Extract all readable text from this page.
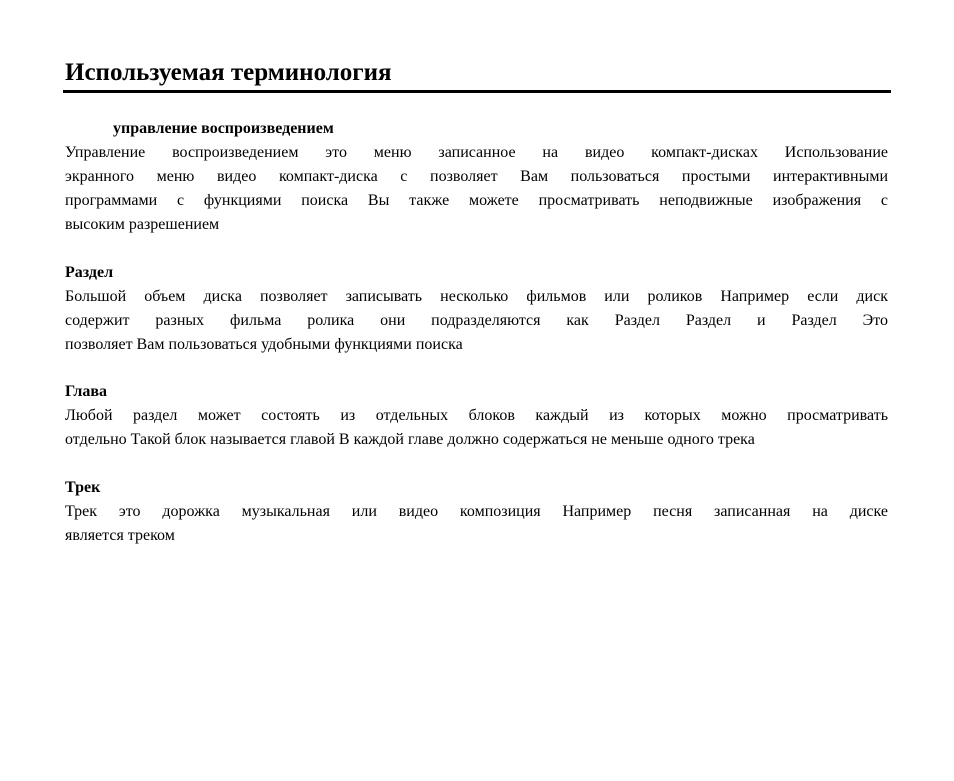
Используемая терминология
управление воспроизведением
Управление воспроизведением это меню записанное на видео компакт-дисках Использование
экранного меню видео компакт-диска с позволяет Вам пользоваться простыми интерактивными
программами с функциями поиска Вы также можете просматривать неподвижные изображения с
высоким разрешением
Раздел
Большой объем диска позволяет записывать несколько фильмов или роликов Например если диск
содержит разных фильма ролика они подразделяются как Раздел Раздел и Раздел Это
позволяет Вам пользоваться удобными функциями поиска
Глава
Любой раздел может состоять из отдельных блоков каждый из которых можно просматривать
отдельно Такой блок называется главой В каждой главе должно содержаться не меньше одного трека
Трек
Трек это дорожка музыкальная или видео композиция Например песня записанная на диске
является треком
